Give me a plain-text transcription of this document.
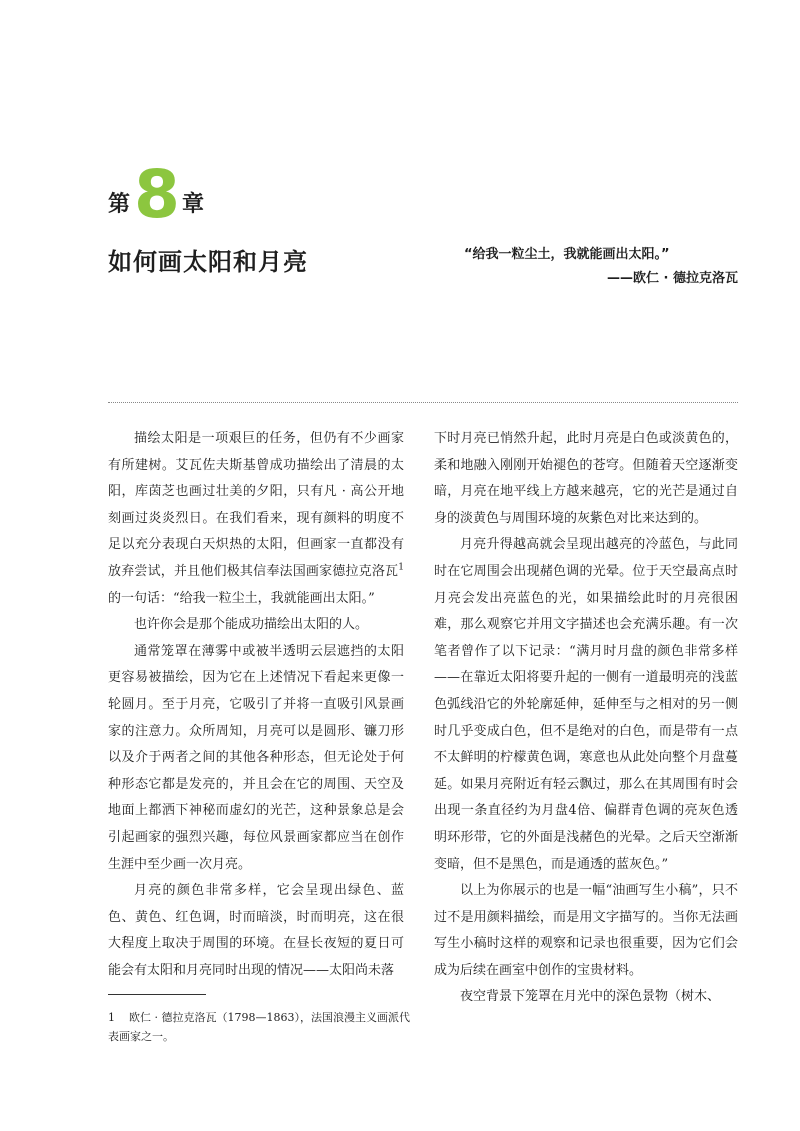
第 8 章
如何画太阳和月亮	“给我一粒尘土，我就能画出太阳。”
——欧仁 · 德拉克洛瓦

描绘太阳是一项艰巨的任务，但仍有不少画家有所建树。艾瓦佐夫斯基曾成功描绘出了清晨的太阳，库茵芝也画过壮美的夕阳，只有凡 · 高公开地刻画过炎炎烈日。在我们看来，现有颜料的明度不足以充分表现白天炽热的太阳，但画家一直都没有放弃尝试，并且他们极其信奉法国画家德拉克洛瓦$^1$的一句话：“给我一粒尘土，我就能画出太阳。”

也许你会是那个能成功描绘出太阳的人。

通常笼罩在薄雾中或被半透明云层遮挡的太阳更容易被描绘，因为它在上述情况下看起来更像一轮圆月。至于月亮，它吸引了并将一直吸引风景画家的注意力。众所周知，月亮可以是圆形、镰刀形以及介于两者之间的其他各种形态，但无论处于何种形态它都是发亮的，并且会在它的周围、天空及地面上都洒下神秘而虚幻的光芒，这种景象总是会引起画家的强烈兴趣，每位风景画家都应当在创作生涯中至少画一次月亮。

月亮的颜色非常多样，它会呈现出绿色、蓝色、黄色、红色调，时而暗淡，时而明亮，这在很大程度上取决于周围的环境。在昼长夜短的夏日可能会有太阳和月亮同时出现的情况——太阳尚未落

下时月亮已悄然升起，此时月亮是白色或淡黄色的，柔和地融入刚刚开始褪色的苍穹。但随着天空逐渐变暗，月亮在地平线上方越来越亮，它的光芒是通过自身的淡黄色与周围环境的灰紫色对比来达到的。

月亮升得越高就会呈现出越亮的冷蓝色，与此同时在它周围会出现赭色调的光晕。位于天空最高点时月亮会发出亮蓝色的光，如果描绘此时的月亮很困难，那么观察它并用文字描述也会充满乐趣。有一次笔者曾作了以下记录：“满月时月盘的颜色非常多样——在靠近太阳将要升起的一侧有一道最明亮的浅蓝色弧线沿它的外轮廓延伸，延伸至与之相对的另一侧时几乎变成白色，但不是绝对的白色，而是带有一点不太鲜明的柠檬黄色调，寒意也从此处向整个月盘蔓延。如果月亮附近有轻云飘过，那么在其周围有时会出现一条直径约为月盘4倍、偏群青色调的亮灰色透明环形带，它的外面是浅赭色的光晕。之后天空渐渐变暗，但不是黑色，而是通透的蓝灰色。”

以上为你展示的也是一幅“油画写生小稿”，只不过不是用颜料描绘，而是用文字描写的。当你无法画写生小稿时这样的观察和记录也很重要，因为它们会成为后续在画室中创作的宝贵材料。

夜空背景下笼罩在月光中的深色景物（树木、

1 欧仁 · 德拉克洛瓦（1798—1863），法国浪漫主义画派代表画家之一。
